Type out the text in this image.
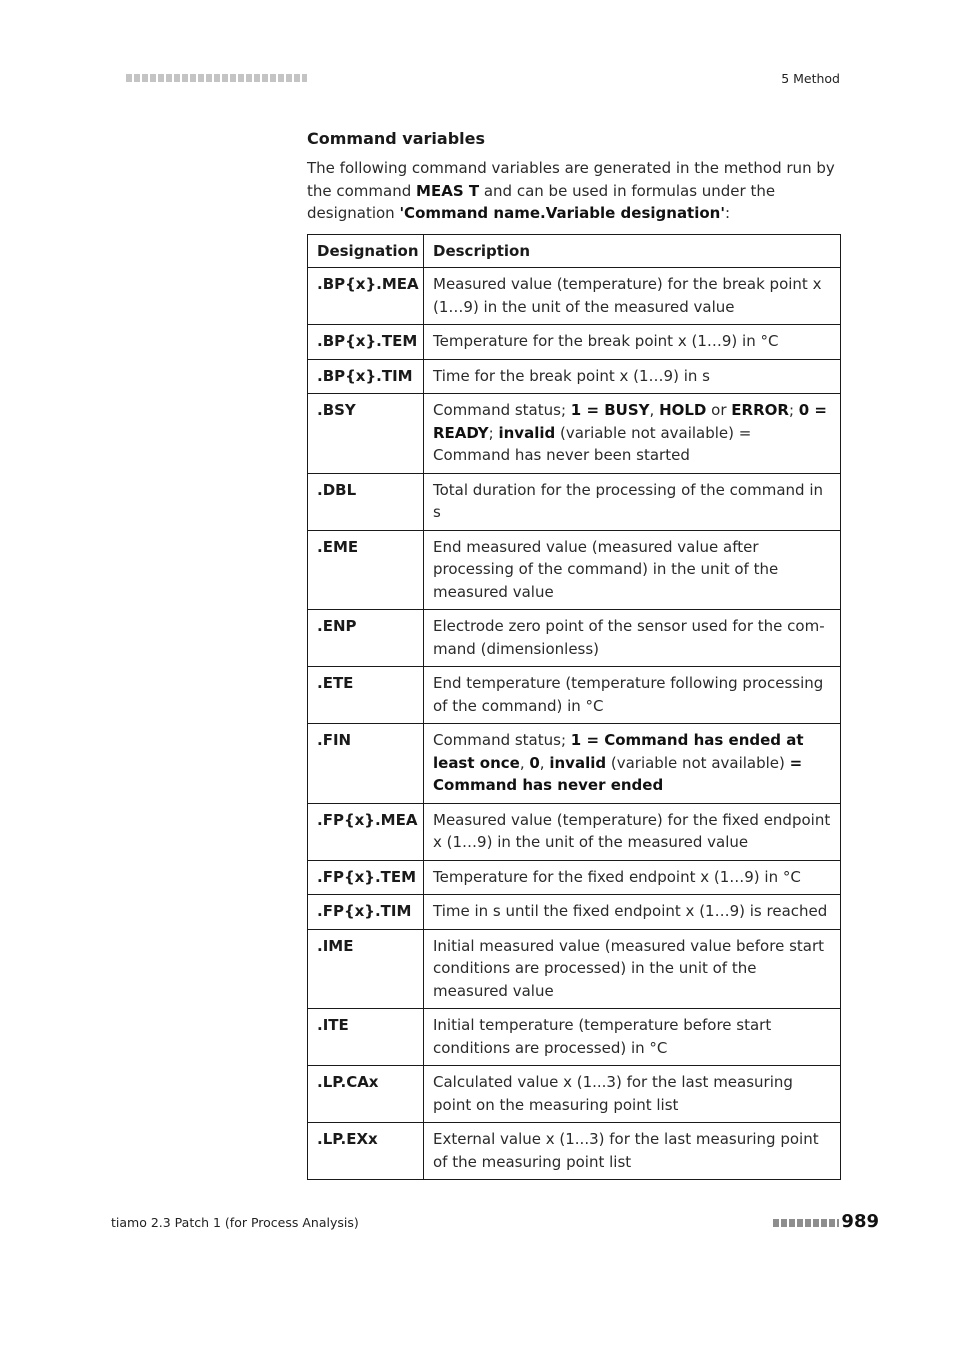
5 Method
Command variables

The following command variables are generated in the method run by the command MEAS T and can be used in formulas under the designation 'Command name.Variable designation':

Designation	Description
.BP{x}.MEA	Measured value (temperature) for the break point x (1…9) in the unit of the measured value
.BP{x}.TEM	Temperature for the break point x (1…9) in °C
.BP{x}.TIM	Time for the break point x (1…9) in s
.BSY	Command status; 1 = BUSY, HOLD or ERROR; 0 = READY; invalid (variable not available) = Command has never been started
.DBL	Total duration for the processing of the command in s
.EME	End measured value (measured value after processing of the command) in the unit of the measured value
.ENP	Electrode zero point of the sensor used for the command (dimensionless)
.ETE	End temperature (temperature following processing of the command) in °C
.FIN	Command status; 1 = Command has ended at least once, 0, invalid (variable not available) = Command has never ended
.FP{x}.MEA	Measured value (temperature) for the fixed endpoint x (1…9) in the unit of the measured value
.FP{x}.TEM	Temperature for the fixed endpoint x (1…9) in °C
.FP{x}.TIM	Time in s until the fixed endpoint x (1…9) is reached
.IME	Initial measured value (measured value before start conditions are processed) in the unit of the measured value
.ITE	Initial temperature (temperature before start conditions are processed) in °C
.LP.CAx	Calculated value x (1...3) for the last measuring point on the measuring point list
.LP.EXx	External value x (1...3) for the last measuring point of the measuring point list
tiamo 2.3 Patch 1 (for Process Analysis)	989
